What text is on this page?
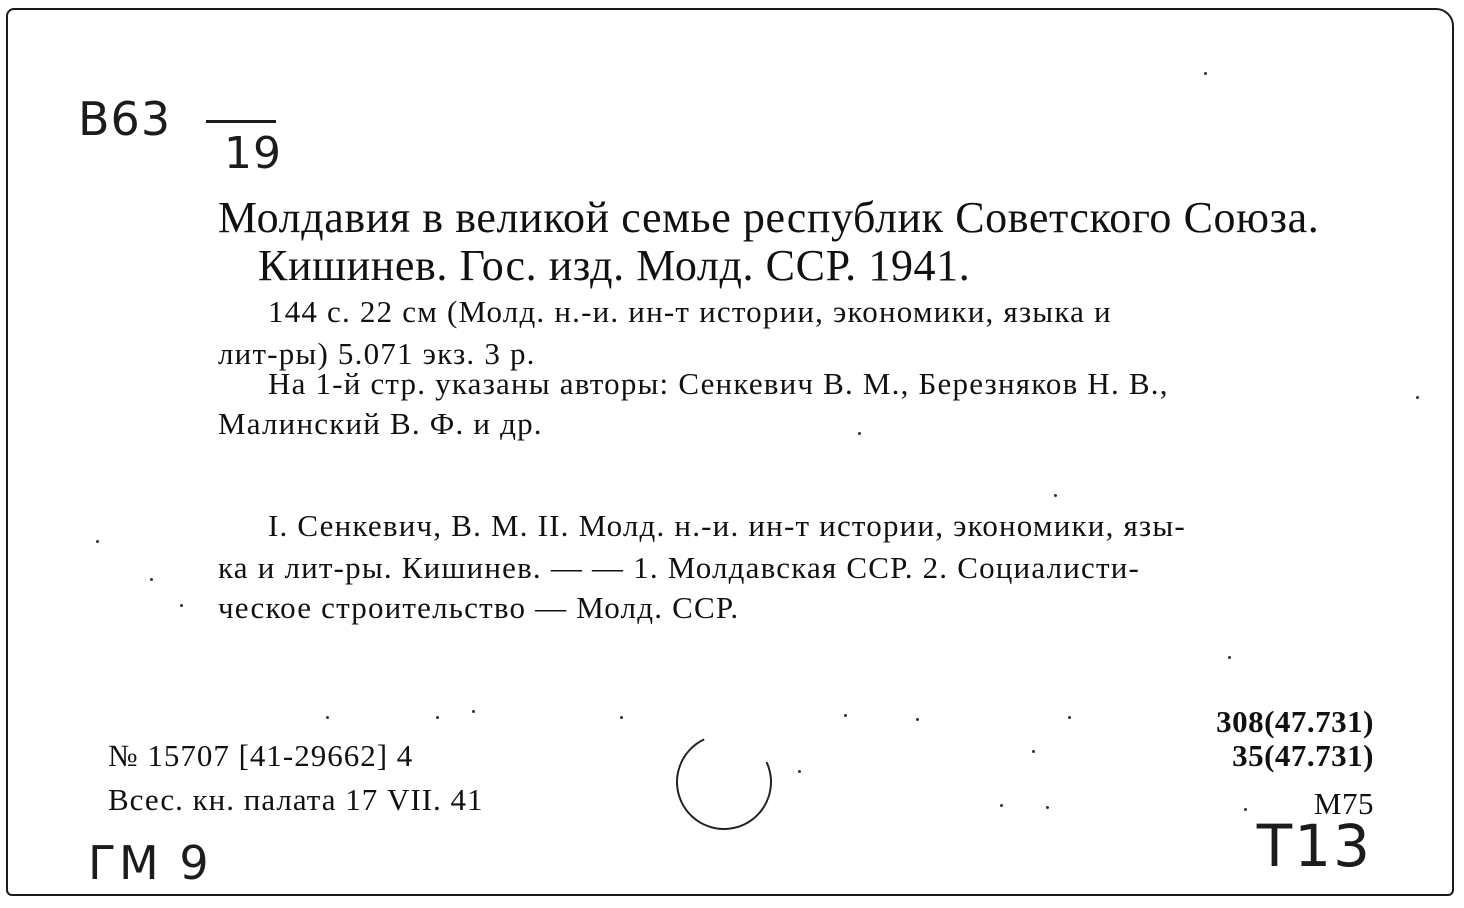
B63
19
Молдавия в великой семье республик Советского Союза.
Кишинев. Гос. изд. Молд. ССР. 1941.
144 с. 22 см (Молд. н.-и. ин-т истории, экономики, языка и
лит-ры) 5.071 экз. 3 р.
На 1-й стр. указаны авторы: Сенкевич В. М., Березняков Н. В.,
Малинский В. Ф. и др.
I. Сенкевич, В. М. II. Молд. н.-и. ин-т истории, экономики, язы-
ка и лит-ры. Кишинев. — — 1. Молдавская ССР. 2. Социалисти-
ческое строительство — Молд. ССР.
№ 15707 [41-29662] 4
Всес. кн. палата 17 VII. 41
308(47.731)
35(47.731)
М75
Т13
ГМ 9
